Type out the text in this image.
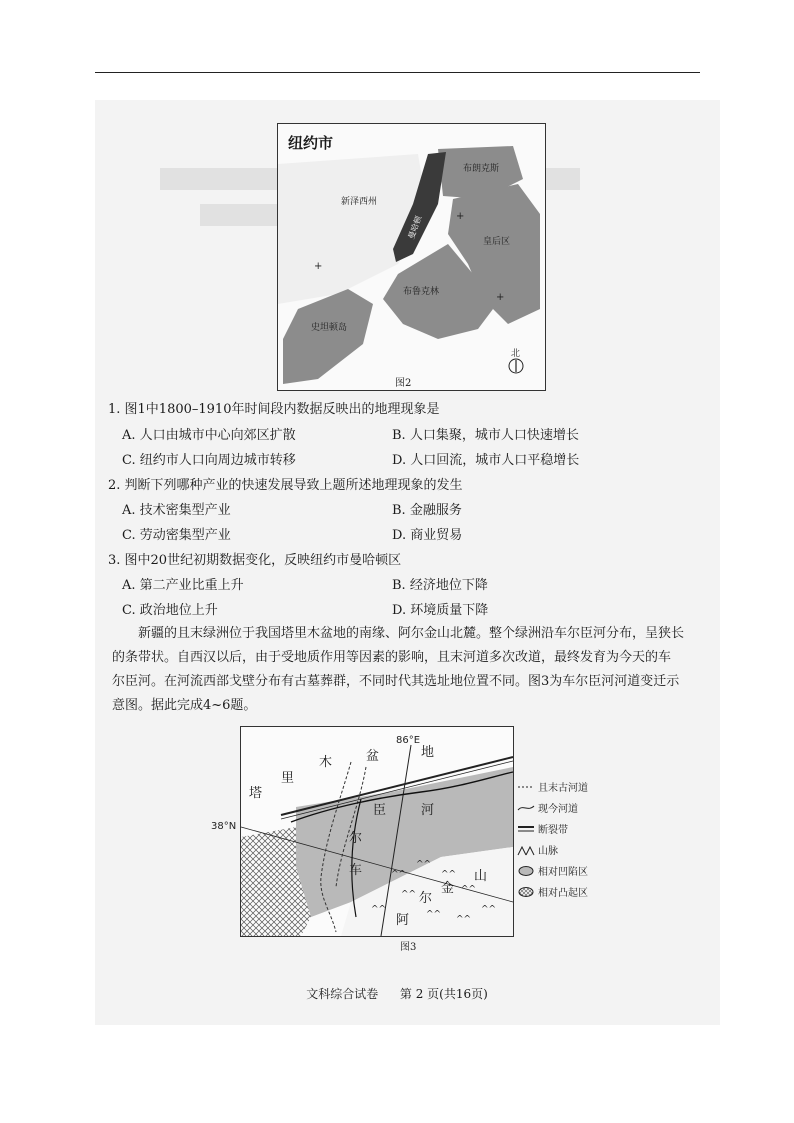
纽约市
+
+
+
布朗克斯
新泽西州
曼哈顿
皇后区
布鲁克林
史坦顿岛
北
图2
1. 图1中1800–1910年时间段内数据反映出的地理现象是
A. 人口由城市中心向郊区扩散	B. 人口集聚，城市人口快速增长
C. 纽约市人口向周边城市转移	D. 人口回流，城市人口平稳增长
2. 判断下列哪种产业的快速发展导致上题所述地理现象的发生
A. 技术密集型产业	B. 金融服务
C. 劳动密集型产业	D. 商业贸易
3. 图中20世纪初期数据变化，反映纽约市曼哈顿区
A. 第二产业比重上升	B. 经济地位下降
C. 政治地位上升	D. 环境质量下降
新疆的且末绿洲位于我国塔里木盆地的南缘、阿尔金山北麓。整个绿洲沿车尔臣河分布，呈狭长
的条带状。自西汉以后，由于受地质作用等因素的影响，且末河道多次改道，最终发育为今天的车
尔臣河。在河流西部戈壁分布有古墓葬群，不同时代其选址地位置不同。图3为车尔臣河河道变迁示
意图。据此完成4~6题。
^^
^^
^^
^^
^^
^^	^^ ^^
^^
86°E
38°N
塔
里
木	盆	地
车
尔
臣	河
阿
尔
金
山
且末古河道
现今河道
断裂带
山脉
相对凹陷区
相对凸起区
图3
文科综合试卷 第 2 页(共16页)
